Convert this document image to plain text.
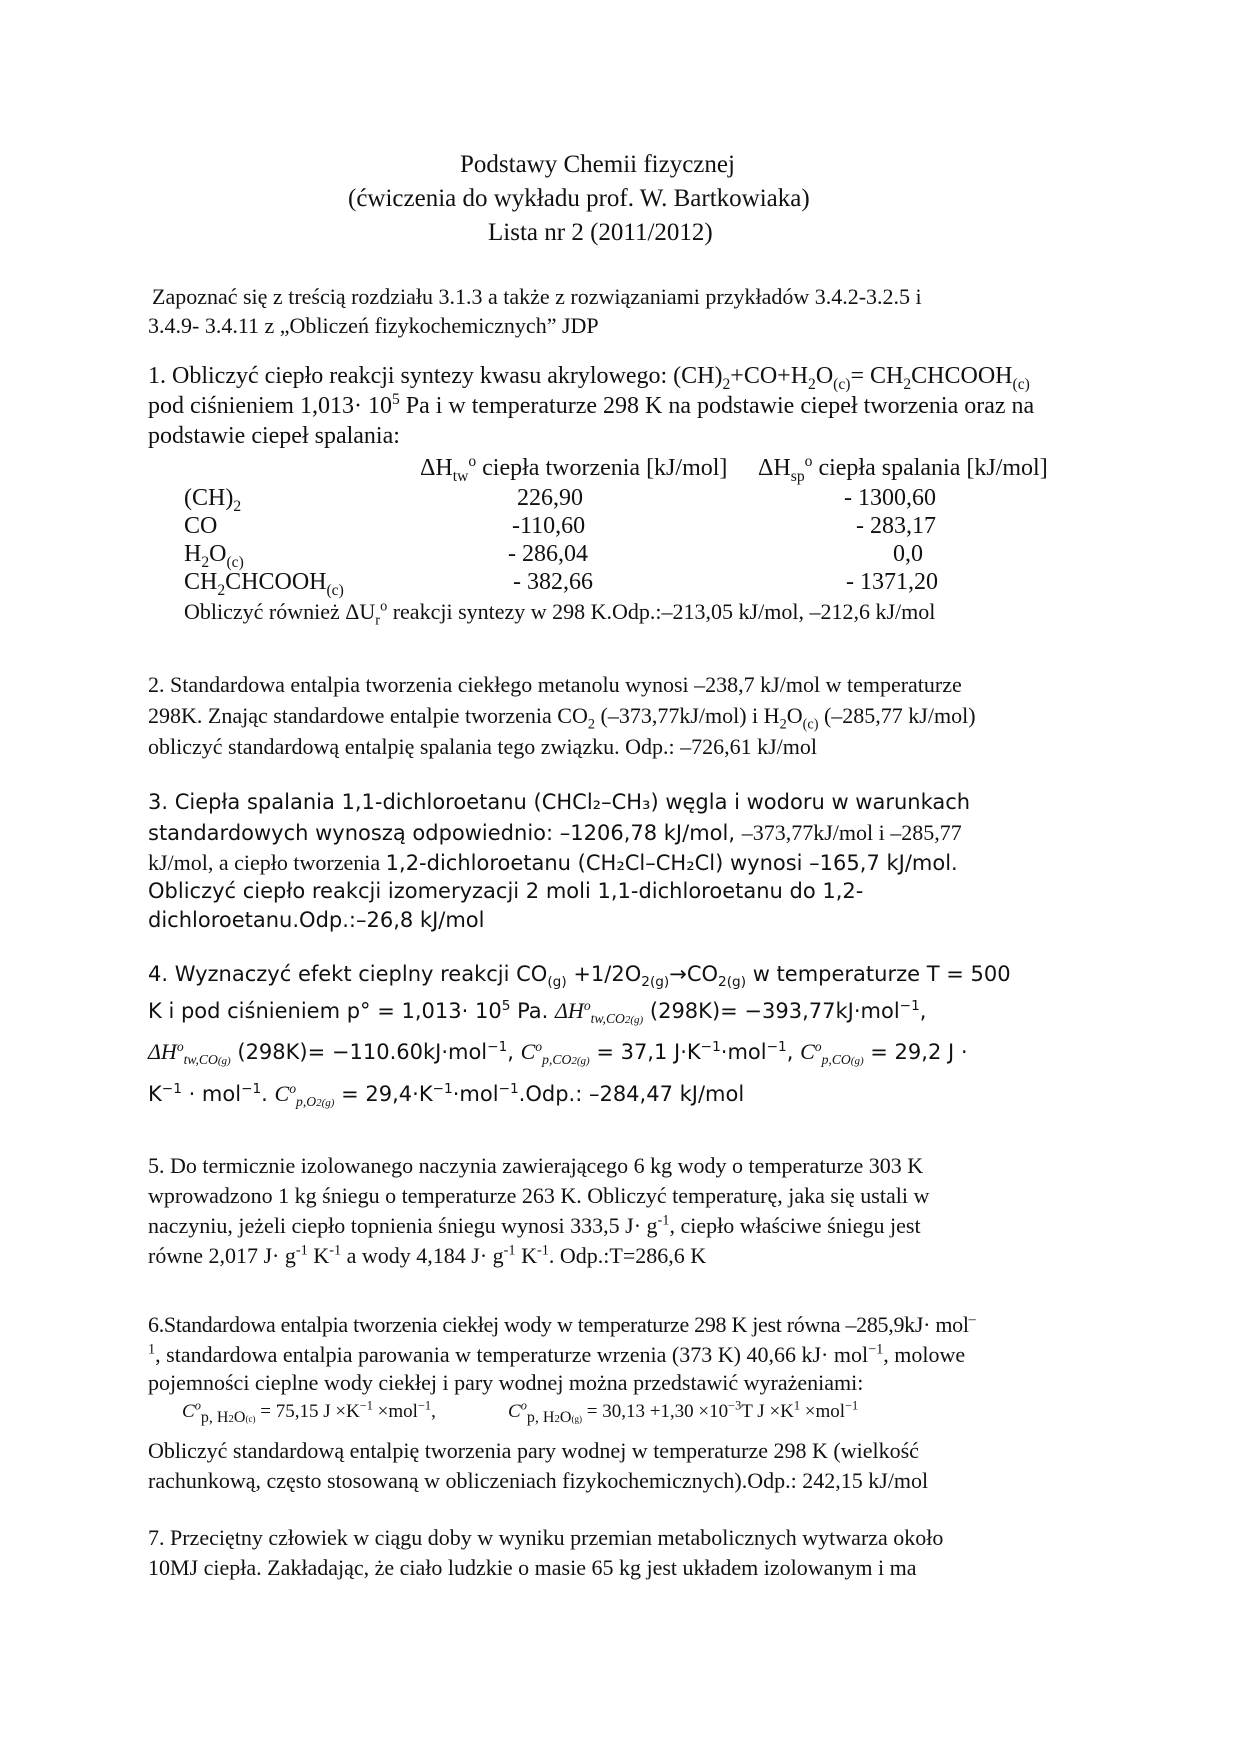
Podstawy Chemii fizycznej
(ćwiczenia do wykładu prof. W. Bartkowiaka)
Lista nr 2 (2011/2012)
Zapoznać się z treścią rozdziału 3.1.3 a także z rozwiązaniami przykładów 3.4.2-3.2.5 i
3.4.9- 3.4.11 z „Obliczeń fizykochemicznych” JDP
1. Obliczyć ciepło reakcji syntezy kwasu akrylowego: $(CH)_2+CO+H_2O_{(c)}=$ $CH_2CHCOOH_{(c)}$
pod ciśnieniem $1,013\cdot 10^5$ Pa i w temperaturze 298 K na podstawie ciepeł tworzenia oraz na
podstawie ciepeł spalania:
$\Delta H_{tw}^o$ ciepła tworzenia [kJ/mol] $\Delta H_{sp}^o$ ciepła spalania [kJ/mol]
$(CH)_2$	226,90	- 1300,60
CO	-110,60	- 283,17
$H_2O_{(c)}$	- 286,04	0,0
$CH_2CHCOOH_{(c)}$	- 382,66	- 1371,20
Obliczyć również $\Delta U_r^o$ reakcji syntezy w 298 K.Odp.:–213,05 kJ/mol, –212,6 kJ/mol
2. Standardowa entalpia tworzenia ciekłego metanolu wynosi –238,7 kJ/mol w temperaturze
298K. Znając standardowe entalpie tworzenia $CO_2$ (–373,77kJ/mol) i $H_2O_{(c)}$ (–285,77 kJ/mol)
obliczyć standardową entalpię spalania tego związku. Odp.: –726,61 kJ/mol
3. Ciepła spalania 1,1-dichloroetanu (CHCl₂–CH₃) węgla i wodoru w warunkach
standardowych wynoszą odpowiednio: –1206,78 kJ/mol, –373,77kJ/mol i –285,77
kJ/mol, a ciepło tworzenia 1,2-dichloroetanu (CH₂Cl–CH₂Cl) wynosi –165,7 kJ/mol.
Obliczyć ciepło reakcji izomeryzacji 2 moli 1,1-dichloroetanu do 1,2-
dichloroetanu.Odp.:–26,8 kJ/mol
4. Wyznaczyć efekt cieplny reakcji $CO_{(g)} +1/2O_{2(g)}\to CO_{2(g)}$ w temperaturze T = 500
K i pod ciśnieniem $p^\circ = 1,013\cdot 10^5$ Pa. $\Delta H^o_{tw,CO2(g)}$ (298K)= −393,77kJ·mol$^{-1}$,
$\Delta H^o_{tw,CO(g)}$ (298K)= −110.60kJ·mol$^{-1}$, $C^o_{p,CO2(g)} = 37,1$ $J\cdot K^{-1}\cdot mol^{-1}$, $C^o_{p,CO(g)} = 29,2$ J ·
$K^{-1} \cdot mol^{-1}$. $C^o_{p,O2(g)} = 29,4\cdot K^{-1}\cdot mol^{-1}.Odp$.: –284,47 kJ/mol
5. Do termicznie izolowanego naczynia zawierającego 6 kg wody o temperaturze 303 K
wprowadzono 1 kg śniegu o temperaturze 263 K. Obliczyć temperaturę, jaka się ustali w
naczyniu, jeżeli ciepło topnienia śniegu wynosi 333,5 $J\cdot g^{-1}$, ciepło właściwe śniegu jest
równe 2,017 $J\cdot g^{-1}$ $K^{-1}$ a wody 4,184 $J\cdot g^{-1}$ $K^{-1}$. Odp.:T=286,6 K
6.Standardowa entalpia tworzenia ciekłej wody w temperaturze 298 K jest równa –285,9kJ· mol–
$^1$, standardowa entalpia parowania w temperaturze wrzenia (373 K) 40,66 kJ· mol$^{-1}$, molowe
pojemności cieplne wody ciekłej i pary wodnej można przedstawić wyrażeniami:
$C^o_{p, H2O(c)} = 75,15$ $J \times K^{-1} \times mol^{-1}$,	$C^o_{p, H2O(g)} = 30,13 +1,30 \times 10^{-3}T$ $J \times K^1 \times mol^{-1}$
Obliczyć standardową entalpię tworzenia pary wodnej w temperaturze 298 K (wielkość
rachunkową, często stosowaną w obliczeniach fizykochemicznych).Odp.: 242,15 kJ/mol
7. Przeciętny człowiek w ciągu doby w wyniku przemian metabolicznych wytwarza około
10MJ ciepła. Zakładając, że ciało ludzkie o masie 65 kg jest układem izolowanym i ma
